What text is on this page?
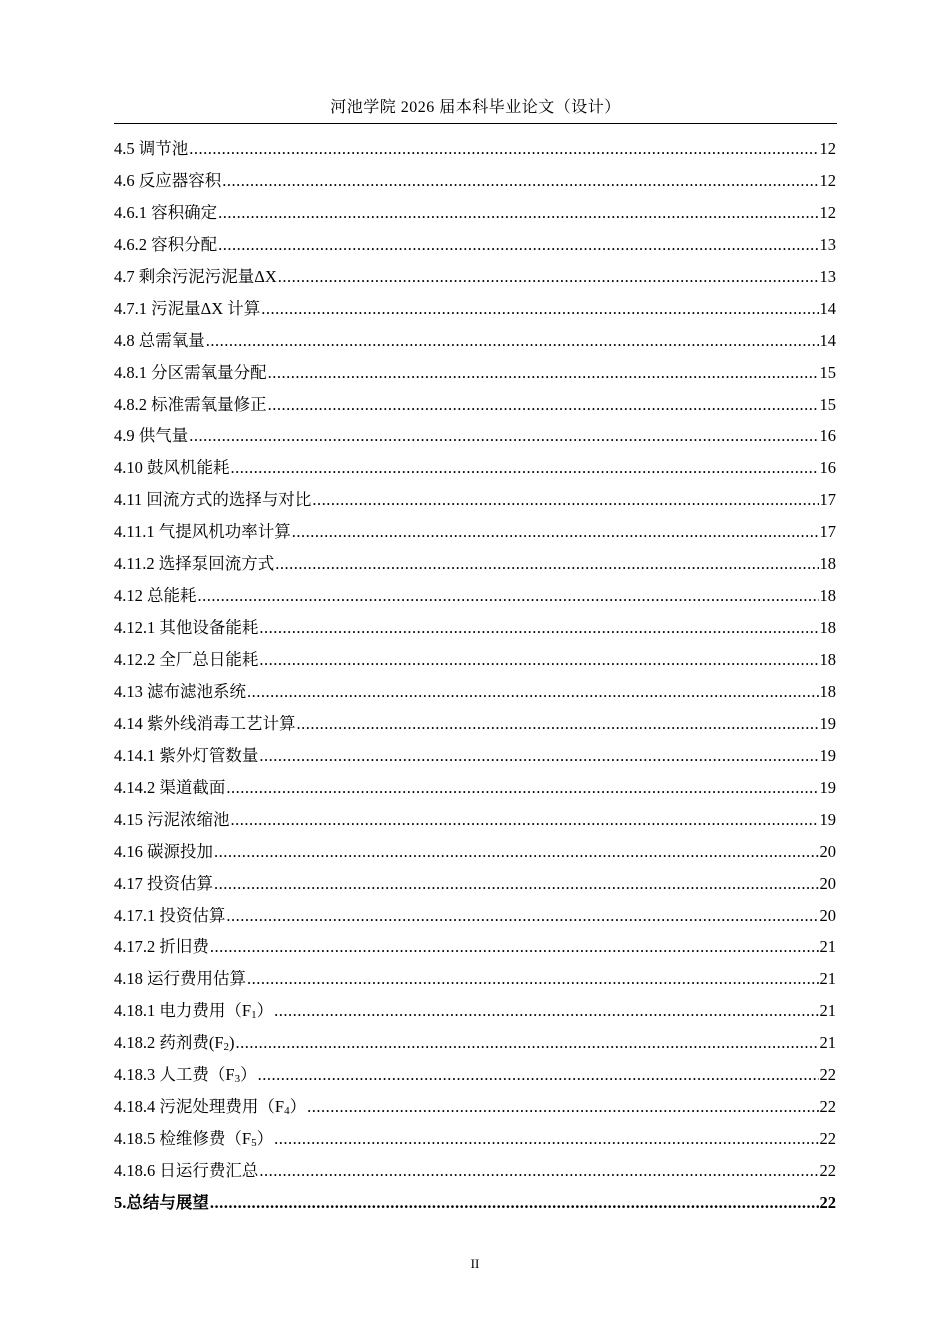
河池学院 2026 届本科毕业论文（设计）
4.5 调节池 .....	12
4.6 反应器容积 .....	12
4.6.1 容积确定 .....	12
4.6.2 容积分配 .....	13
4.7 剩余污泥污泥量ΔX .....	13
4.7.1 污泥量ΔX 计算 .....	14
4.8 总需氧量 .....	14
4.8.1 分区需氧量分配 .....	15
4.8.2 标准需氧量修正 .....	15
4.9 供气量 .....	16
4.10 鼓风机能耗 .....	16
4.11 回流方式的选择与对比 .....	17
4.11.1 气提风机功率计算 .....	17
4.11.2 选择泵回流方式 .....	18
4.12 总能耗 .....	18
4.12.1 其他设备能耗 .....	18
4.12.2 全厂总日能耗 .....	18
4.13 滤布滤池系统 .....	18
4.14 紫外线消毒工艺计算 .....	19
4.14.1 紫外灯管数量 .....	19
4.14.2 渠道截面 .....	19
4.15 污泥浓缩池 .....	19
4.16 碳源投加 .....	20
4.17 投资估算 .....	20
4.17.1 投资估算 .....	20
4.17.2 折旧费 .....	21
4.18 运行费用估算 .....	21
4.18.1 电力费用$(F_1)$ .....	21
4.18.2 药剂费$(F_2)$ .....	21
4.18.3 人工费$(F_3)$ .....	22
4.18.4 污泥处理费用$(F_4)$ .....	22
4.18.5 检维修费$(F_5)$ .....	22
4.18.6 日运行费汇总 .....	22
5.总结与展望 .....	22
II
